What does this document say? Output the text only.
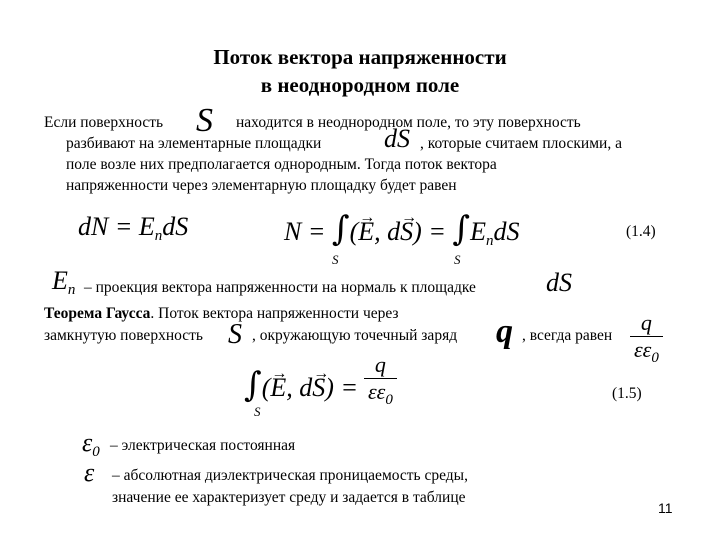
Поток вектора напряженности
в неоднородном поле
Если поверхность S находится в неоднородном поле, то эту поверхность
разбивают на элементарные площадки dS , которые считаем плоскими, а
поле возле них предполагается однородным. Тогда поток вектора
напряженности через элементарную площадку будет равен
dN = $E_ndS$	N = ∫(→ E, $d\to S) = \int E_ndS$
S	S
(1.4)
$E_n$ – проекция вектора напряженности на нормаль к площадке	dS
Теорема Гаусса. Поток вектора напряженности через
замкнутую поверхность S , окружающую точечный заряд q , всегда равен $\frac{q}{\varepsilon\varepsilon_0}$
∫(→ E, d→ S) =
S
$\frac{q}{\varepsilon\varepsilon_0}$	(1.5)
$\varepsilon_0$ – электрическая постоянная
ε – абсолютная диэлектрическая проницаемость среды,
значение ее характеризует среду и задается в таблице
11
